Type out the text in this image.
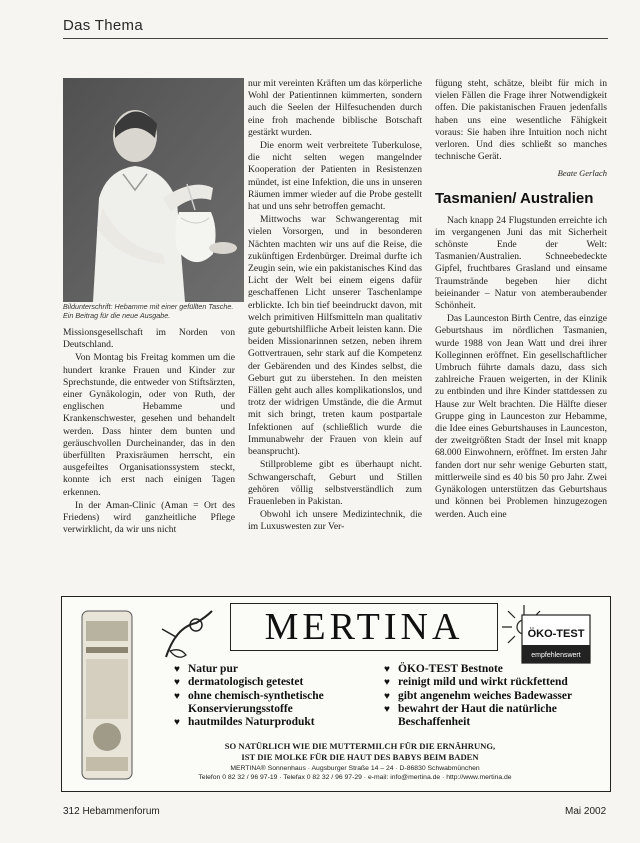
Das Thema
Bildunterschrift: Hebamme mit einer gefüllten Tasche. Ein Beitrag für die neue Ausgabe.

Missionsgesellschaft im Norden von Deutschland.

Von Montag bis Freitag kommen um die hundert kranke Frauen und Kinder zur Sprechstunde, die entweder von Stiftsärzten, einer Gynäkologin, oder von Ruth, der englischen Hebamme und Krankenschwester, gesehen und behandelt werden. Dass hinter dem bunten und geräuschvollen Durcheinander, das in den überfüllten Praxisräumen herrscht, ein ausgefeiltes Organisationssystem steckt, konnte ich erst nach einigen Tagen erkennen.

In der Aman-Clinic (Aman = Ort des Friedens) wird ganzheitliche Pflege verwirklicht, da wir uns nicht

nur mit vereinten Kräften um das körperliche Wohl der Patientinnen kümmerten, sondern auch die Seelen der Hilfesuchenden durch eine froh machende biblische Botschaft gestärkt wurden.

Die enorm weit verbreitete Tuberkulose, die nicht selten wegen mangelnder Kooperation der Patienten in Resistenzen mündet, ist eine Infektion, die uns in unseren Räumen immer wieder auf die Probe gestellt hat und uns sehr betroffen gemacht.

Mittwochs war Schwangerentag mit vielen Vorsorgen, und in besonderen Nächten machten wir uns auf die Reise, die zukünftigen Erdenbürger. Dreimal durfte ich Zeugin sein, wie ein pakistanisches Kind das Licht der Welt bei einem eigens dafür geschaffenen Licht unserer Taschenlampe erblickte. Ich bin tief beeindruckt davon, mit welch primitiven Hilfsmitteln man qualitativ gute geburtshilfliche Arbeit leisten kann. Die beiden Missionarinnen setzen, neben ihrem Gottvertrauen, sehr stark auf die Kompetenz der Gebärenden und des Kindes selbst, die Geburt gut zu überstehen. In den meisten Fällen geht auch alles komplikationslos, und trotz der widrigen Umstände, die die Armut mit sich bringt, treten kaum postpartale Infektionen auf (schließlich wurde die Immunabwehr der Frauen von klein auf beansprucht).

Stillprobleme gibt es überhaupt nicht. Schwangerschaft, Geburt und Stillen gehören völlig selbstverständlich zum Frauenleben in Pakistan.

Obwohl ich unsere Medizintechnik, die im Luxuswesten zur Ver-

fügung steht, schätze, bleibt für mich in vielen Fällen die Frage ihrer Notwendigkeit offen. Die pakistanischen Frauen jedenfalls haben uns eine wesentliche Fähigkeit voraus: Sie haben ihre Intuition noch nicht verloren. Und dies schließt so manches technische Gerät.

Beate Gerlach
Tasmanien/ Australien

Nach knapp 24 Flugstunden erreichte ich im vergangenen Juni das mit Sicherheit schönste Ende der Welt: Tasmanien/Australien. Schneebedeckte Gipfel, fruchtbares Grasland und einsame Traumstrände begeben hier dicht beieinander – Natur von atemberaubender Schönheit.

Das Launceston Birth Centre, das einzige Geburtshaus im nördlichen Tasmanien, wurde 1988 von Jean Watt und drei ihrer Kolleginnen eröffnet. Ein gesellschaftlicher Umbruch führte damals dazu, dass sich zahlreiche Frauen weigerten, in der Klinik zu entbinden und ihre Kinder stattdessen zu Hause zur Welt brachten. Die Hälfte dieser Gruppe ging in Launceston zur Hebamme, die Idee eines Geburtshauses in Launceston, der zweitgrößten Stadt der Insel mit knapp 68.000 Einwohnern, eröffnet. Im ersten Jahr fanden dort nur sehr wenige Geburten statt, mittlerweile sind es 40 bis 50 pro Jahr. Zwei Gynäkologen unterstützen das Geburtshaus und können bei Problemen hinzugezogen werden. Auch eine

MERTINA	ÖKO-TEST
empfehlenswert
♥ Natur pur
♥ dermatologisch getestet
♥ ohne chemisch-synthetische Konservierungsstoffe
♥ hautmildes Naturprodukt
♥ ÖKO-TEST Bestnote
♥ reinigt mild und wirkt rückfettend
♥ gibt angenehm weiches Badewasser
♥ bewahrt der Haut die natürliche Beschaffenheit
SO NATÜRLICH WIE DIE MUTTERMILCH FÜR DIE ERNÄHRUNG,
IST DIE MOLKE FÜR DIE HAUT DES BABYS BEIM BADEN
MERTINA® Sonnenhaus · Augsburger Straße 14 – 24 · D-86830 Schwabmünchen
Telefon 0 82 32 / 96 97-19 · Telefax 0 82 32 / 96 97-29 · e-mail: info@mertina.de · http://www.mertina.de
312 Hebammenforum	Mai 2002
